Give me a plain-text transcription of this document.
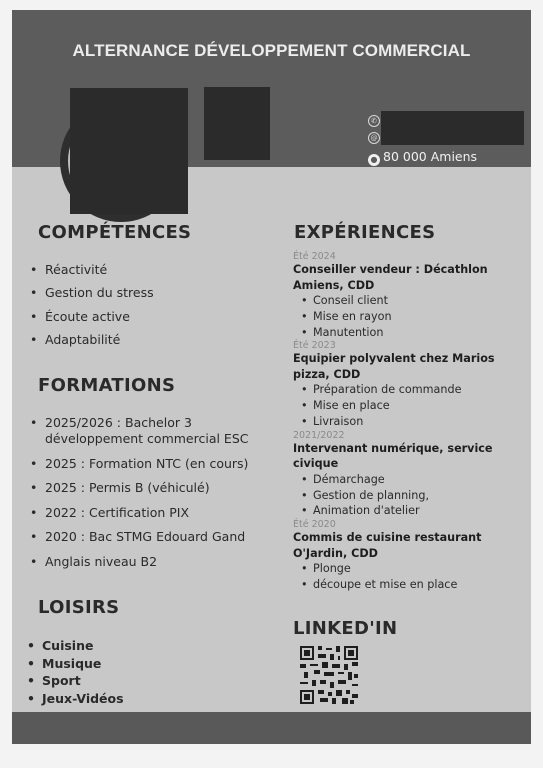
ALTERNANCE DÉVELOPPEMENT COMMERCIAL
✆
@
● 80 000 Amiens
COMPÉTENCES
• Réactivité
• Gestion du stress
• Écoute active
• Adaptabilité
FORMATIONS
• 2025/2026 : Bachelor 3
développement commercial ESC
• 2025 : Formation NTC (en cours)
• 2025 : Permis B (véhiculé)
• 2022 : Certification PIX
• 2020 : Bac STMG Edouard Gand
• Anglais niveau B2
LOISIRS
• Cuisine
• Musique
• Sport
• Jeux-Vidéos
EXPÉRIENCES
Été 2024
Conseiller vendeur : Décathlon Amiens, CDD
• Conseil client
• Mise en rayon
• Manutention
Été 2023
Equipier polyvalent chez Marios pizza, CDD
• Préparation de commande
• Mise en place
• Livraison
2021/2022
Intervenant numérique, service civique
• Démarchage
• Gestion de planning,
• Animation d'atelier
Été 2020
Commis de cuisine restaurant O'Jardin, CDD
• Plonge
• découpe et mise en place
LINKED'IN
